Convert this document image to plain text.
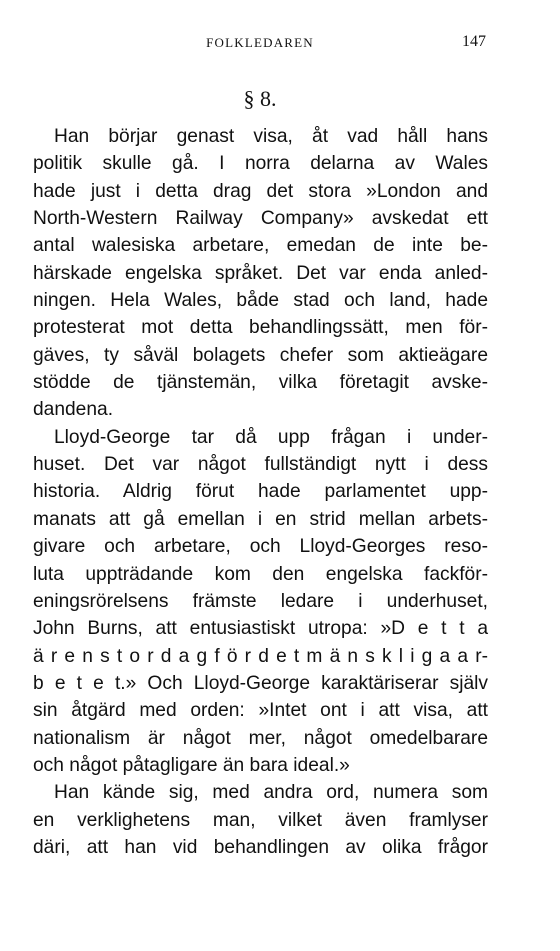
FOLKLEDAREN	147
§ 8.
Han börjar genast visa, åt vad håll hans
politik skulle gå. I norra delarna av Wales
hade just i detta drag det stora »London and
North-Western Railway Company» avskedat ett
antal walesiska arbetare, emedan de inte be-
härskade engelska språket. Det var enda anled-
ningen. Hela Wales, både stad och land, hade
protesterat mot detta behandlingssätt, men för-
gäves, ty såväl bolagets chefer som aktieägare
stödde de tjänstemän, vilka företagit avske-
dandena.
Lloyd-George tar då upp frågan i under-
huset. Det var något fullständigt nytt i dess
historia. Aldrig förut hade parlamentet upp-
manats att gå emellan i en strid mellan arbets-
givare och arbetare, och Lloyd-Georges reso-
luta uppträdande kom den engelska fackför-
eningsrörelsens främste ledare i underhuset,
John Burns, att entusiastiskt utropa: »D e t t a
ä r e n s t o r d a g f ö r d e t m ä n s k l i g a a r-
b e t e t.» Och Lloyd-George karaktäriserar själv
sin åtgärd med orden: »Intet ont i att visa, att
nationalism är något mer, något omedelbarare
och något påtagligare än bara ideal.»
Han kände sig, med andra ord, numera som
en verklighetens man, vilket även framlyser
däri, att han vid behandlingen av olika frågor
